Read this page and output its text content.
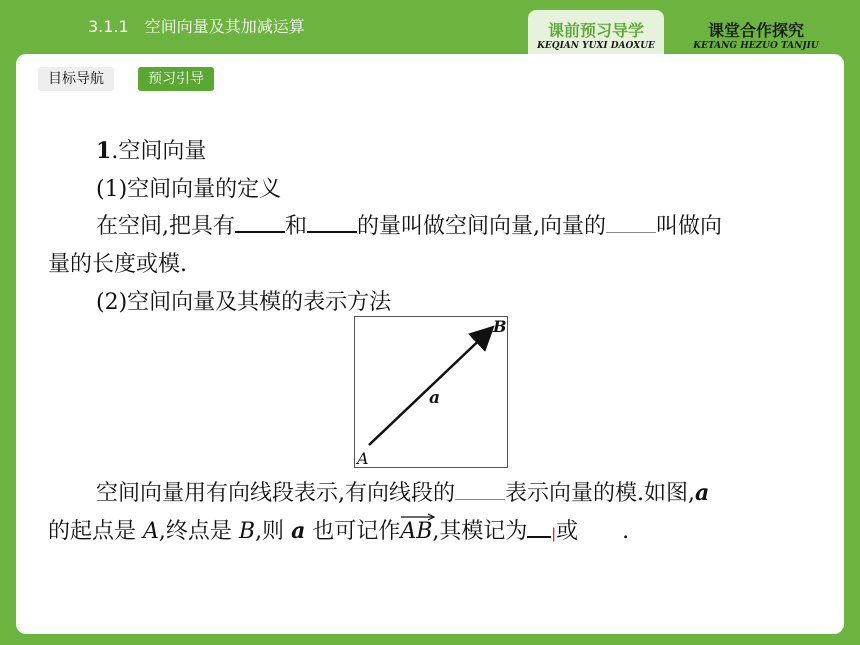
3.1.1　空间向量及其加减运算	课前预习导学
KEQIAN YUXI DAOXUE
课堂合作探究
KETANG HEZUO TANJIU
目标导航	预习引导
1.空间向量
(1)空间向量的定义
在空间,把具有 和 的量叫做空间向量,向量的 叫做向
量的长度或模.
(2)空间向量及其模的表示方法
B
a
A
空间向量用有向线段表示,有向线段的 表示向量的模.如图,a
的起点是 A,终点是 B,则 a 也可记作
AB,其模记为 |或 .
